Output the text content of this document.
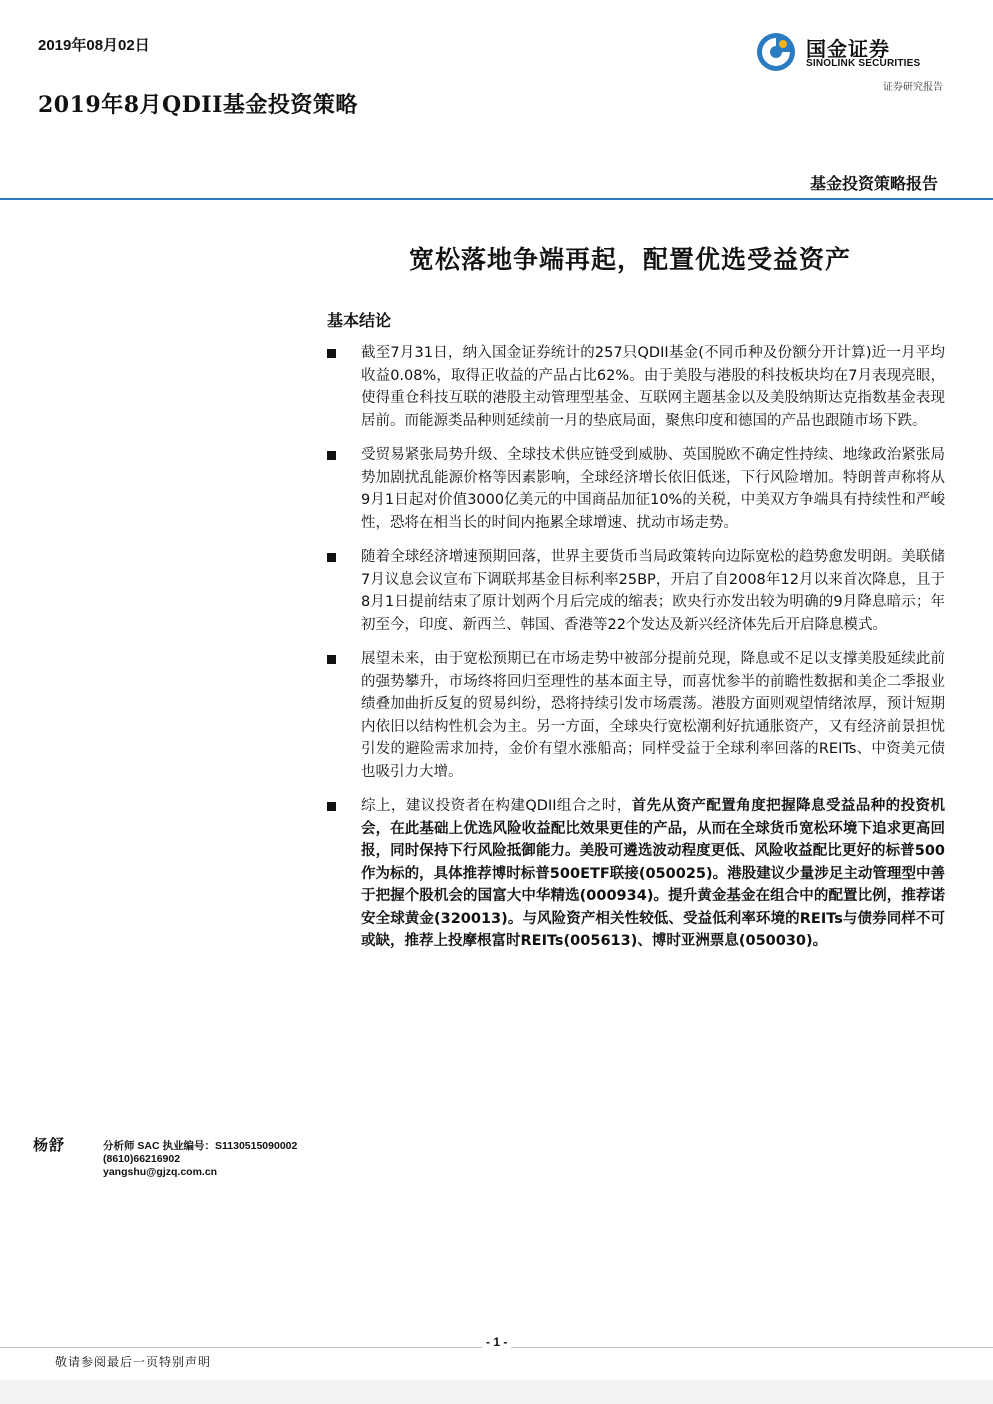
2019年08月02日
2019年8月QDII基金投资策略
国金证券
SINOLINK SECURITIES
证券研究报告
基金投资策略报告
宽松落地争端再起，配置优选受益资产
基本结论
截至7月31日，纳入国金证券统计的257只QDII基金(不同币种及份额分开计算)近一月平均收益0.08%，取得正收益的产品占比62%。由于美股与港股的科技板块均在7月表现亮眼，使得重仓科技互联的港股主动管理型基金、互联网主题基金以及美股纳斯达克指数基金表现居前。而能源类品种则延续前一月的垫底局面，聚焦印度和德国的产品也跟随市场下跌。
受贸易紧张局势升级、全球技术供应链受到威胁、英国脱欧不确定性持续、地缘政治紧张局势加剧扰乱能源价格等因素影响，全球经济增长依旧低迷，下行风险增加。特朗普声称将从9月1日起对价值3000亿美元的中国商品加征10%的关税，中美双方争端具有持续性和严峻性，恐将在相当长的时间内拖累全球增速、扰动市场走势。
随着全球经济增速预期回落，世界主要货币当局政策转向边际宽松的趋势愈发明朗。美联储7月议息会议宣布下调联邦基金目标利率25BP，开启了自2008年12月以来首次降息，且于8月1日提前结束了原计划两个月后完成的缩表；欧央行亦发出较为明确的9月降息暗示；年初至今，印度、新西兰、韩国、香港等22个发达及新兴经济体先后开启降息模式。
展望未来，由于宽松预期已在市场走势中被部分提前兑现，降息或不足以支撑美股延续此前的强势攀升，市场终将回归至理性的基本面主导，而喜忧参半的前瞻性数据和美企二季报业绩叠加曲折反复的贸易纠纷，恐将持续引发市场震荡。港股方面则观望情绪浓厚，预计短期内依旧以结构性机会为主。另一方面，全球央行宽松潮利好抗通胀资产，又有经济前景担忧引发的避险需求加持，金价有望水涨船高；同样受益于全球利率回落的REITs、中资美元债也吸引力大增。
综上，建议投资者在构建QDII组合之时，首先从资产配置角度把握降息受益品种的投资机会，在此基础上优选风险收益配比效果更佳的产品，从而在全球货币宽松环境下追求更高回报，同时保持下行风险抵御能力。美股可遴选波动程度更低、风险收益配比更好的标普500作为标的，具体推荐博时标普500ETF联接(050025)。港股建议少量涉足主动管理型中善于把握个股机会的国富大中华精选(000934)。提升黄金基金在组合中的配置比例，推荐诺安全球黄金(320013)。与风险资产相关性较低、受益低利率环境的REITs与债券同样不可或缺，推荐上投摩根富时REITs(005613)、博时亚洲票息(050030)。
杨舒	分析师 SAC 执业编号：S1130515090002
(8610)66216902
yangshu@gjzq.com.cn
- 1 -
敬请参阅最后一页特别声明
